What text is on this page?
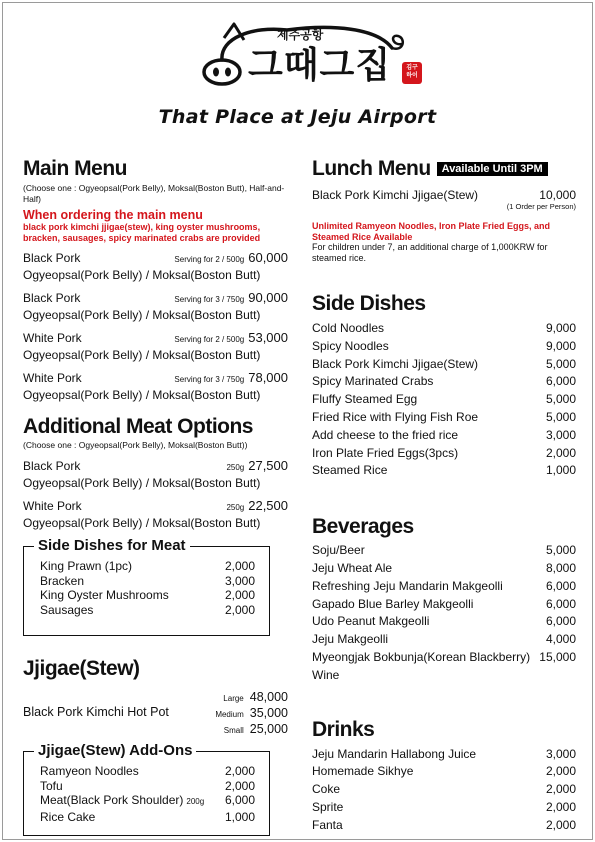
제주공항
그때그집	김구 하이
That Place at Jeju Airport
Main Menu
(Choose one : Ogyeopsal(Pork Belly), Moksal(Boston Butt), Half-and-Half)
When ordering the main menu
black pork kimchi jjigae(stew), king oyster mushrooms, bracken, sausages, spicy marinated crabs are provided
Black Pork	Serving for 2 / 500g 60,000
Ogyeopsal(Pork Belly) / Moksal(Boston Butt)
Black Pork	Serving for 3 / 750g 90,000
Ogyeopsal(Pork Belly) / Moksal(Boston Butt)
White Pork	Serving for 2 / 500g 53,000
Ogyeopsal(Pork Belly) / Moksal(Boston Butt)
White Pork	Serving for 3 / 750g 78,000
Ogyeopsal(Pork Belly) / Moksal(Boston Butt)
Additional Meat Options
(Choose one : Ogyeopsal(Pork Belly), Moksal(Boston Butt))
Black Pork	250g 27,500
Ogyeopsal(Pork Belly) / Moksal(Boston Butt)
White Pork	250g 22,500
Ogyeopsal(Pork Belly) / Moksal(Boston Butt)
Side Dishes for Meat
King Prawn (1pc)	2,000
Bracken	3,000
King Oyster Mushrooms	2,000
Sausages	2,000
Jjigae(Stew)
Black Pork Kimchi Hot Pot
Large 48,000
Medium 35,000
Small 25,000
Jjigae(Stew) Add-Ons
Ramyeon Noodles	2,000
Tofu	2,000
Meat(Black Pork Shoulder) 200g 6,000
Rice Cake	1,000
Lunch Menu	Available Until 3PM
Black Pork Kimchi Jjigae(Stew)	10,000
(1 Order per Person)
Unlimited Ramyeon Noodles, Iron Plate Fried Eggs, and Steamed Rice Available
For children under 7, an additional charge of 1,000KRW for steamed rice.
Side Dishes
Cold Noodles	9,000
Spicy Noodles	9,000
Black Pork Kimchi Jjigae(Stew)	5,000
Spicy Marinated Crabs	6,000
Fluffy Steamed Egg	5,000
Fried Rice with Flying Fish Roe	5,000
Add cheese to the fried rice	3,000
Iron Plate Fried Eggs(3pcs)	2,000
Steamed Rice	1,000
Beverages
Soju/Beer	5,000
Jeju Wheat Ale	8,000
Refreshing Jeju Mandarin Makgeolli	6,000
Gapado Blue Barley Makgeolli	6,000
Udo Peanut Makgeolli	6,000
Jeju Makgeolli	4,000
Myeongjak Bokbunja(Korean Blackberry) Wine
15,000
Drinks
Jeju Mandarin Hallabong Juice	3,000
Homemade Sikhye	2,000
Coke	2,000
Sprite	2,000
Fanta	2,000
